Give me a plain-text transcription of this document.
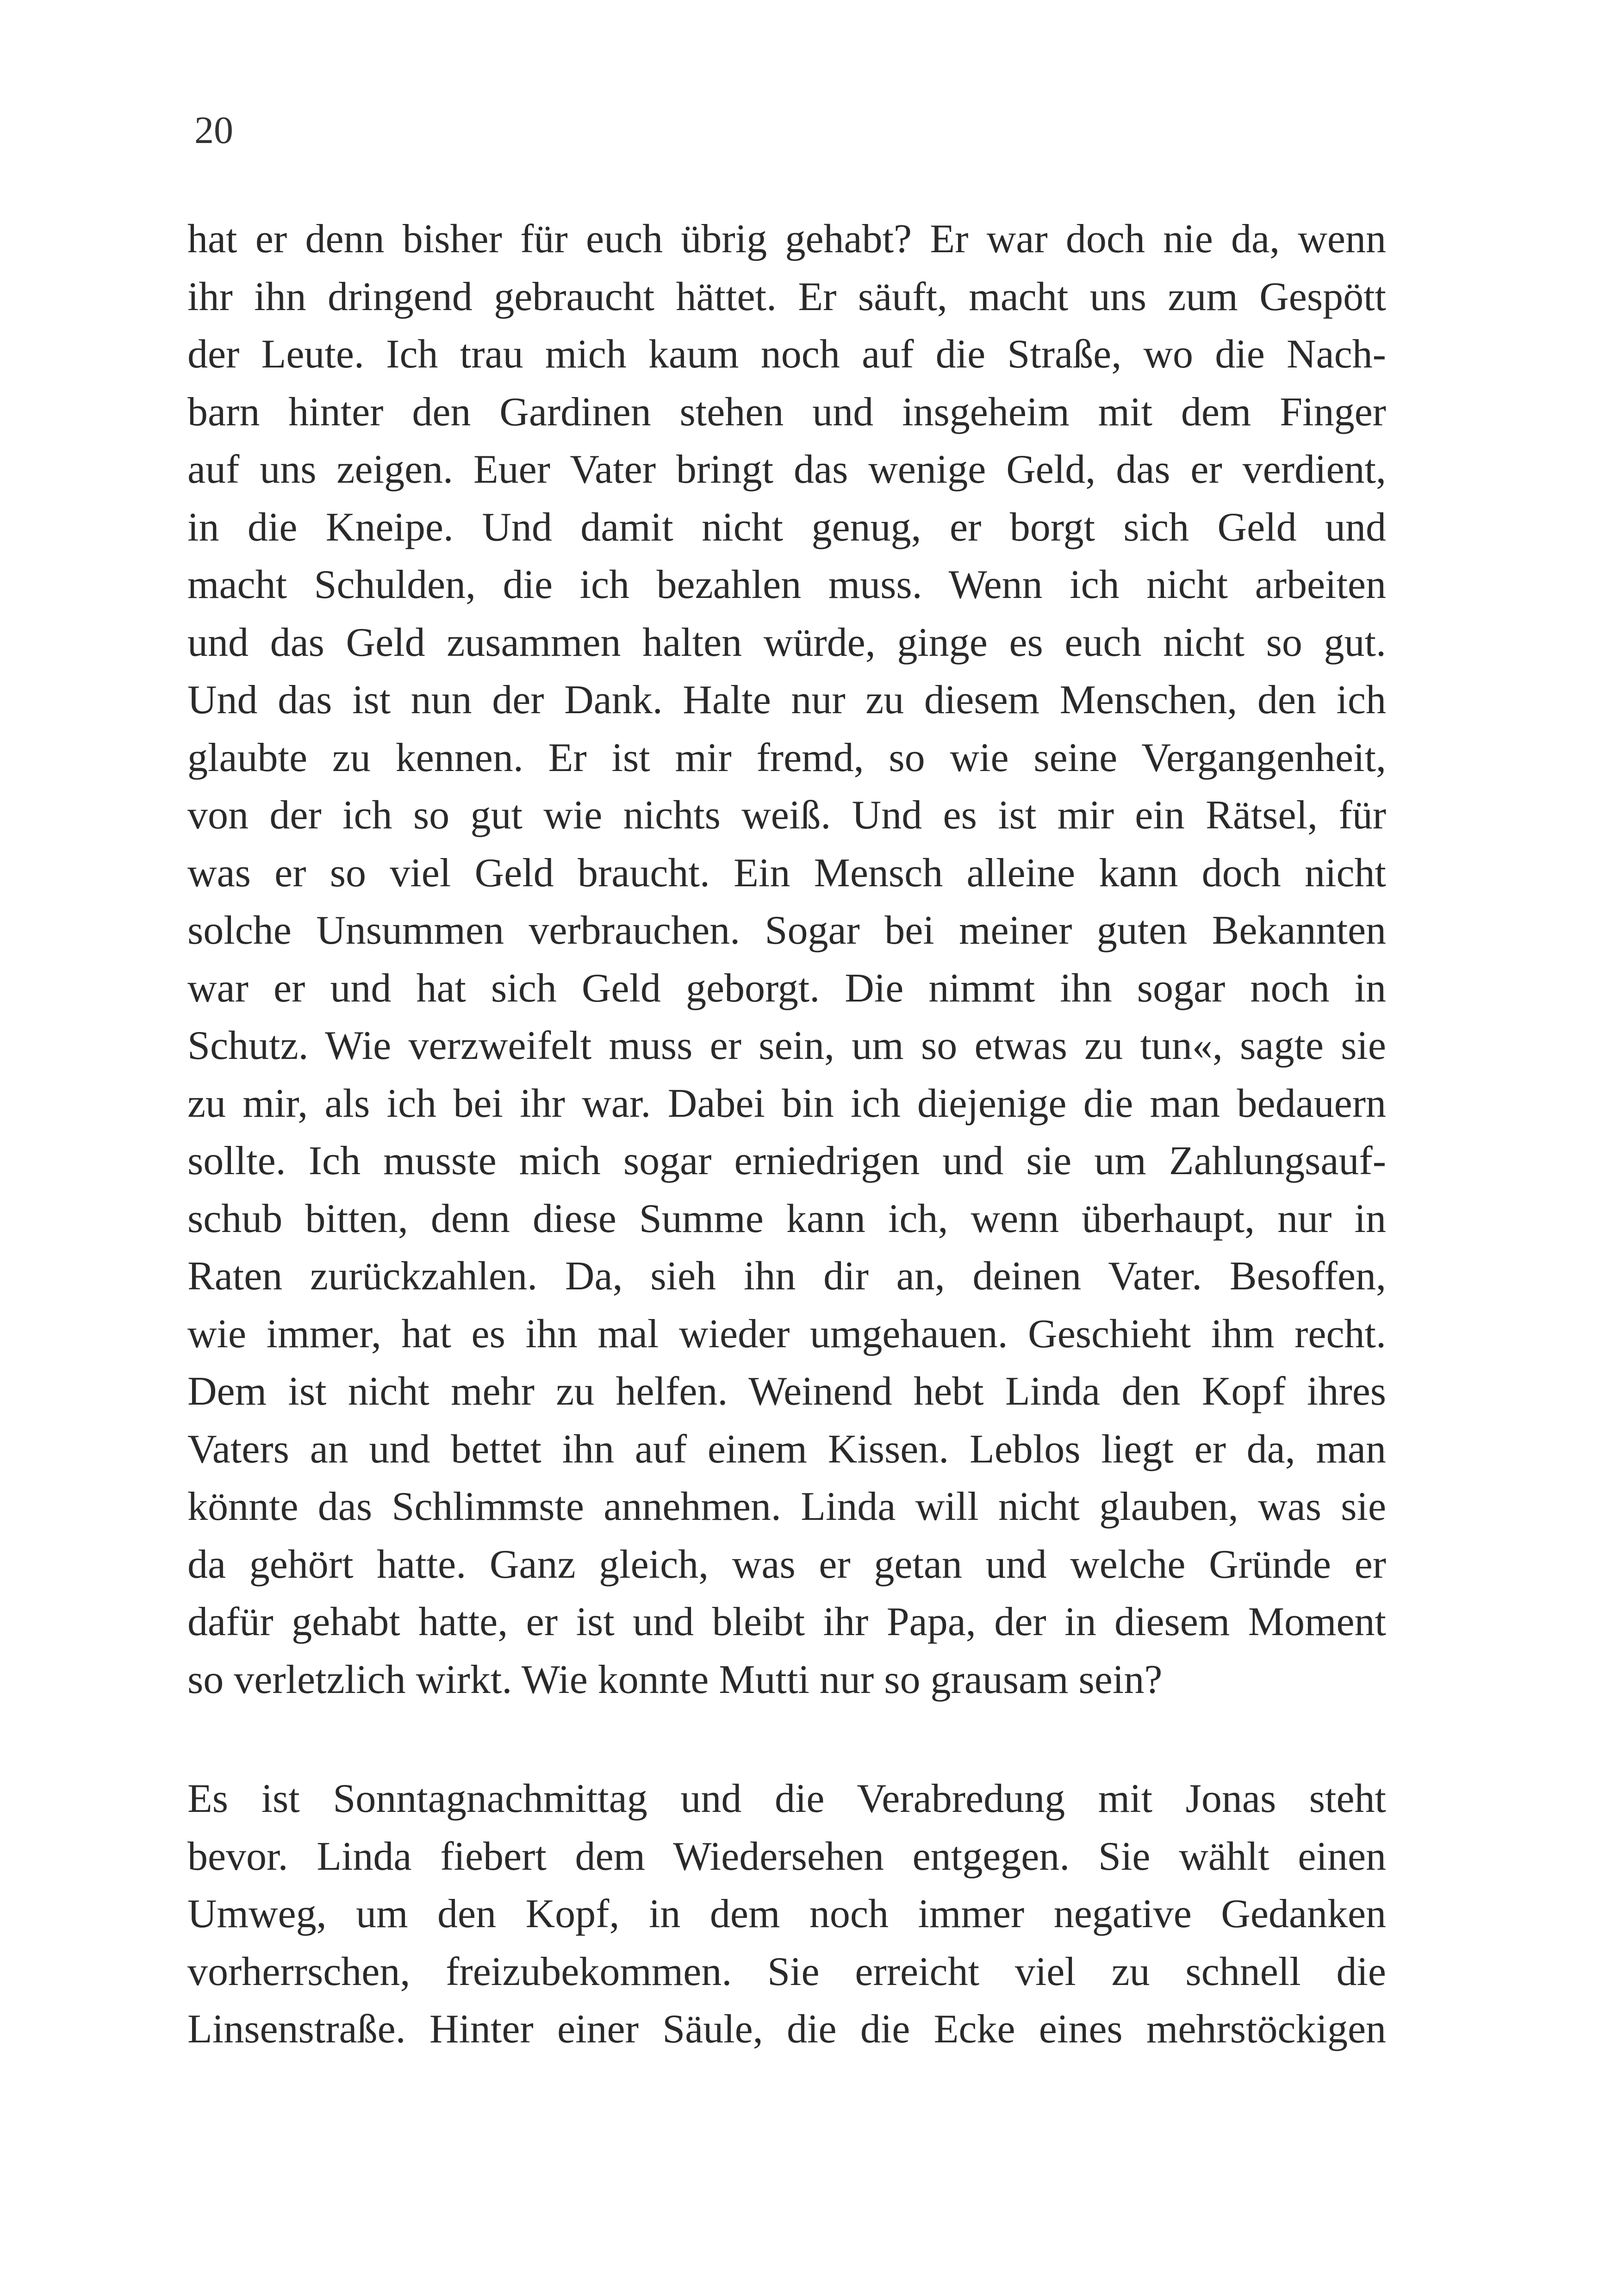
20
hat er denn bisher für euch übrig gehabt? Er war doch nie da, wenn
ihr ihn dringend gebraucht hättet. Er säuft, macht uns zum Gespött
der Leute. Ich trau mich kaum noch auf die Straße, wo die Nach-
barn hinter den Gardinen stehen und insgeheim mit dem Finger
auf uns zeigen. Euer Vater bringt das wenige Geld, das er verdient,
in die Kneipe. Und damit nicht genug, er borgt sich Geld und
macht Schulden, die ich bezahlen muss. Wenn ich nicht arbeiten
und das Geld zusammen halten würde, ginge es euch nicht so gut.
Und das ist nun der Dank. Halte nur zu diesem Menschen, den ich
glaubte zu kennen. Er ist mir fremd, so wie seine Vergangenheit,
von der ich so gut wie nichts weiß. Und es ist mir ein Rätsel, für
was er so viel Geld braucht. Ein Mensch alleine kann doch nicht
solche Unsummen verbrauchen. Sogar bei meiner guten Bekannten
war er und hat sich Geld geborgt. Die nimmt ihn sogar noch in
Schutz. Wie verzweifelt muss er sein, um so etwas zu tun«, sagte sie
zu mir, als ich bei ihr war. Dabei bin ich diejenige die man bedauern
sollte. Ich musste mich sogar erniedrigen und sie um Zahlungsauf-
schub bitten, denn diese Summe kann ich, wenn überhaupt, nur in
Raten zurückzahlen. Da, sieh ihn dir an, deinen Vater. Besoffen,
wie immer, hat es ihn mal wieder umgehauen. Geschieht ihm recht.
Dem ist nicht mehr zu helfen. Weinend hebt Linda den Kopf ihres
Vaters an und bettet ihn auf einem Kissen. Leblos liegt er da, man
könnte das Schlimmste annehmen. Linda will nicht glauben, was sie
da gehört hatte. Ganz gleich, was er getan und welche Gründe er
dafür gehabt hatte, er ist und bleibt ihr Papa, der in diesem Moment
so verletzlich wirkt. Wie konnte Mutti nur so grausam sein?
Es ist Sonntagnachmittag und die Verabredung mit Jonas steht
bevor. Linda fiebert dem Wiedersehen entgegen. Sie wählt einen
Umweg, um den Kopf, in dem noch immer negative Gedanken
vorherrschen, freizubekommen. Sie erreicht viel zu schnell die
Linsenstraße. Hinter einer Säule, die die Ecke eines mehrstöckigen
